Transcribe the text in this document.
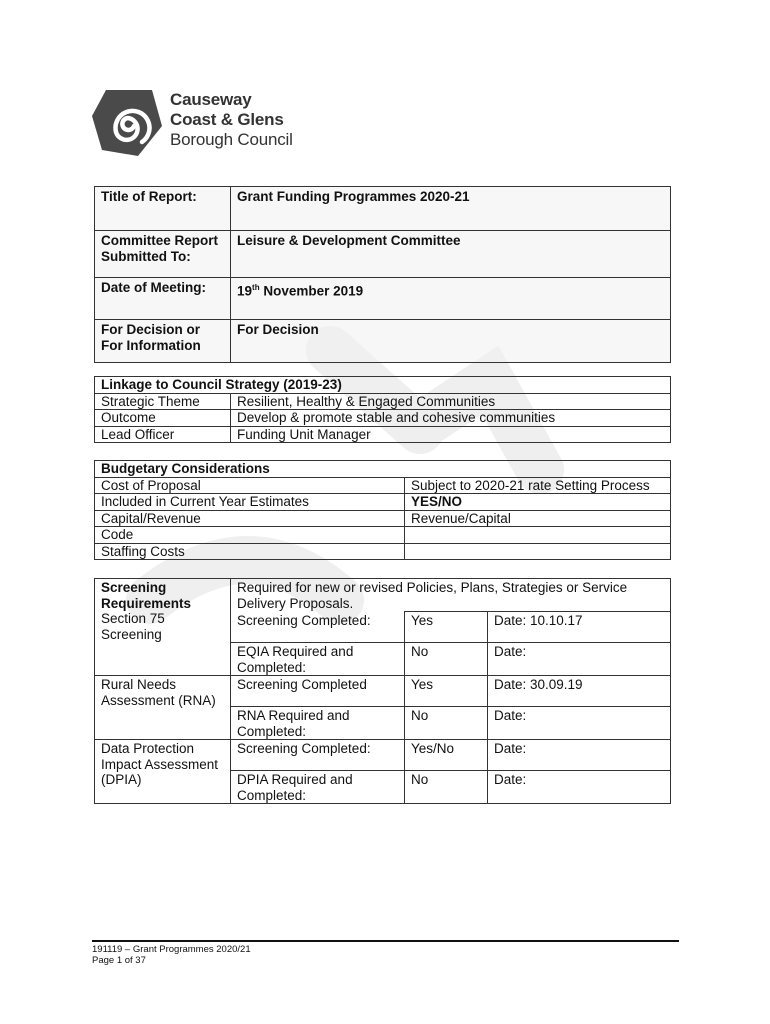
Causeway
Coast & Glens
Borough Council
Title of Report:	Grant Funding Programmes 2020-21
Committee Report Submitted To:	Leisure & Development Committee
Date of Meeting:	19th November 2019
For Decision or For Information	For Decision
Linkage to Council Strategy (2019-23)	
Strategic Theme	Resilient, Healthy & Engaged Communities
Outcome	Develop & promote stable and cohesive communities
Lead Officer	Funding Unit Manager
Budgetary Considerations	
Cost of Proposal	Subject to 2020-21 rate Setting Process
Included in Current Year Estimates	YES/NO
Capital/Revenue	Revenue/Capital
Code	
Staffing Costs	
Screening Requirements
Section 75 Screening	Required for new or revised Policies, Plans, Strategies or Service Delivery Proposals.		
	Screening Completed:	Yes	Date: 10.10.17
	EQIA Required and Completed:	No	Date:
Rural Needs Assessment (RNA)	Screening Completed	Yes	Date: 30.09.19
	RNA Required and Completed:	No	Date:
Data Protection Impact Assessment (DPIA)	Screening Completed:	Yes/No	Date:
	DPIA Required and Completed:	No	Date:
191119 – Grant Programmes 2020/21
Page 1 of 37
